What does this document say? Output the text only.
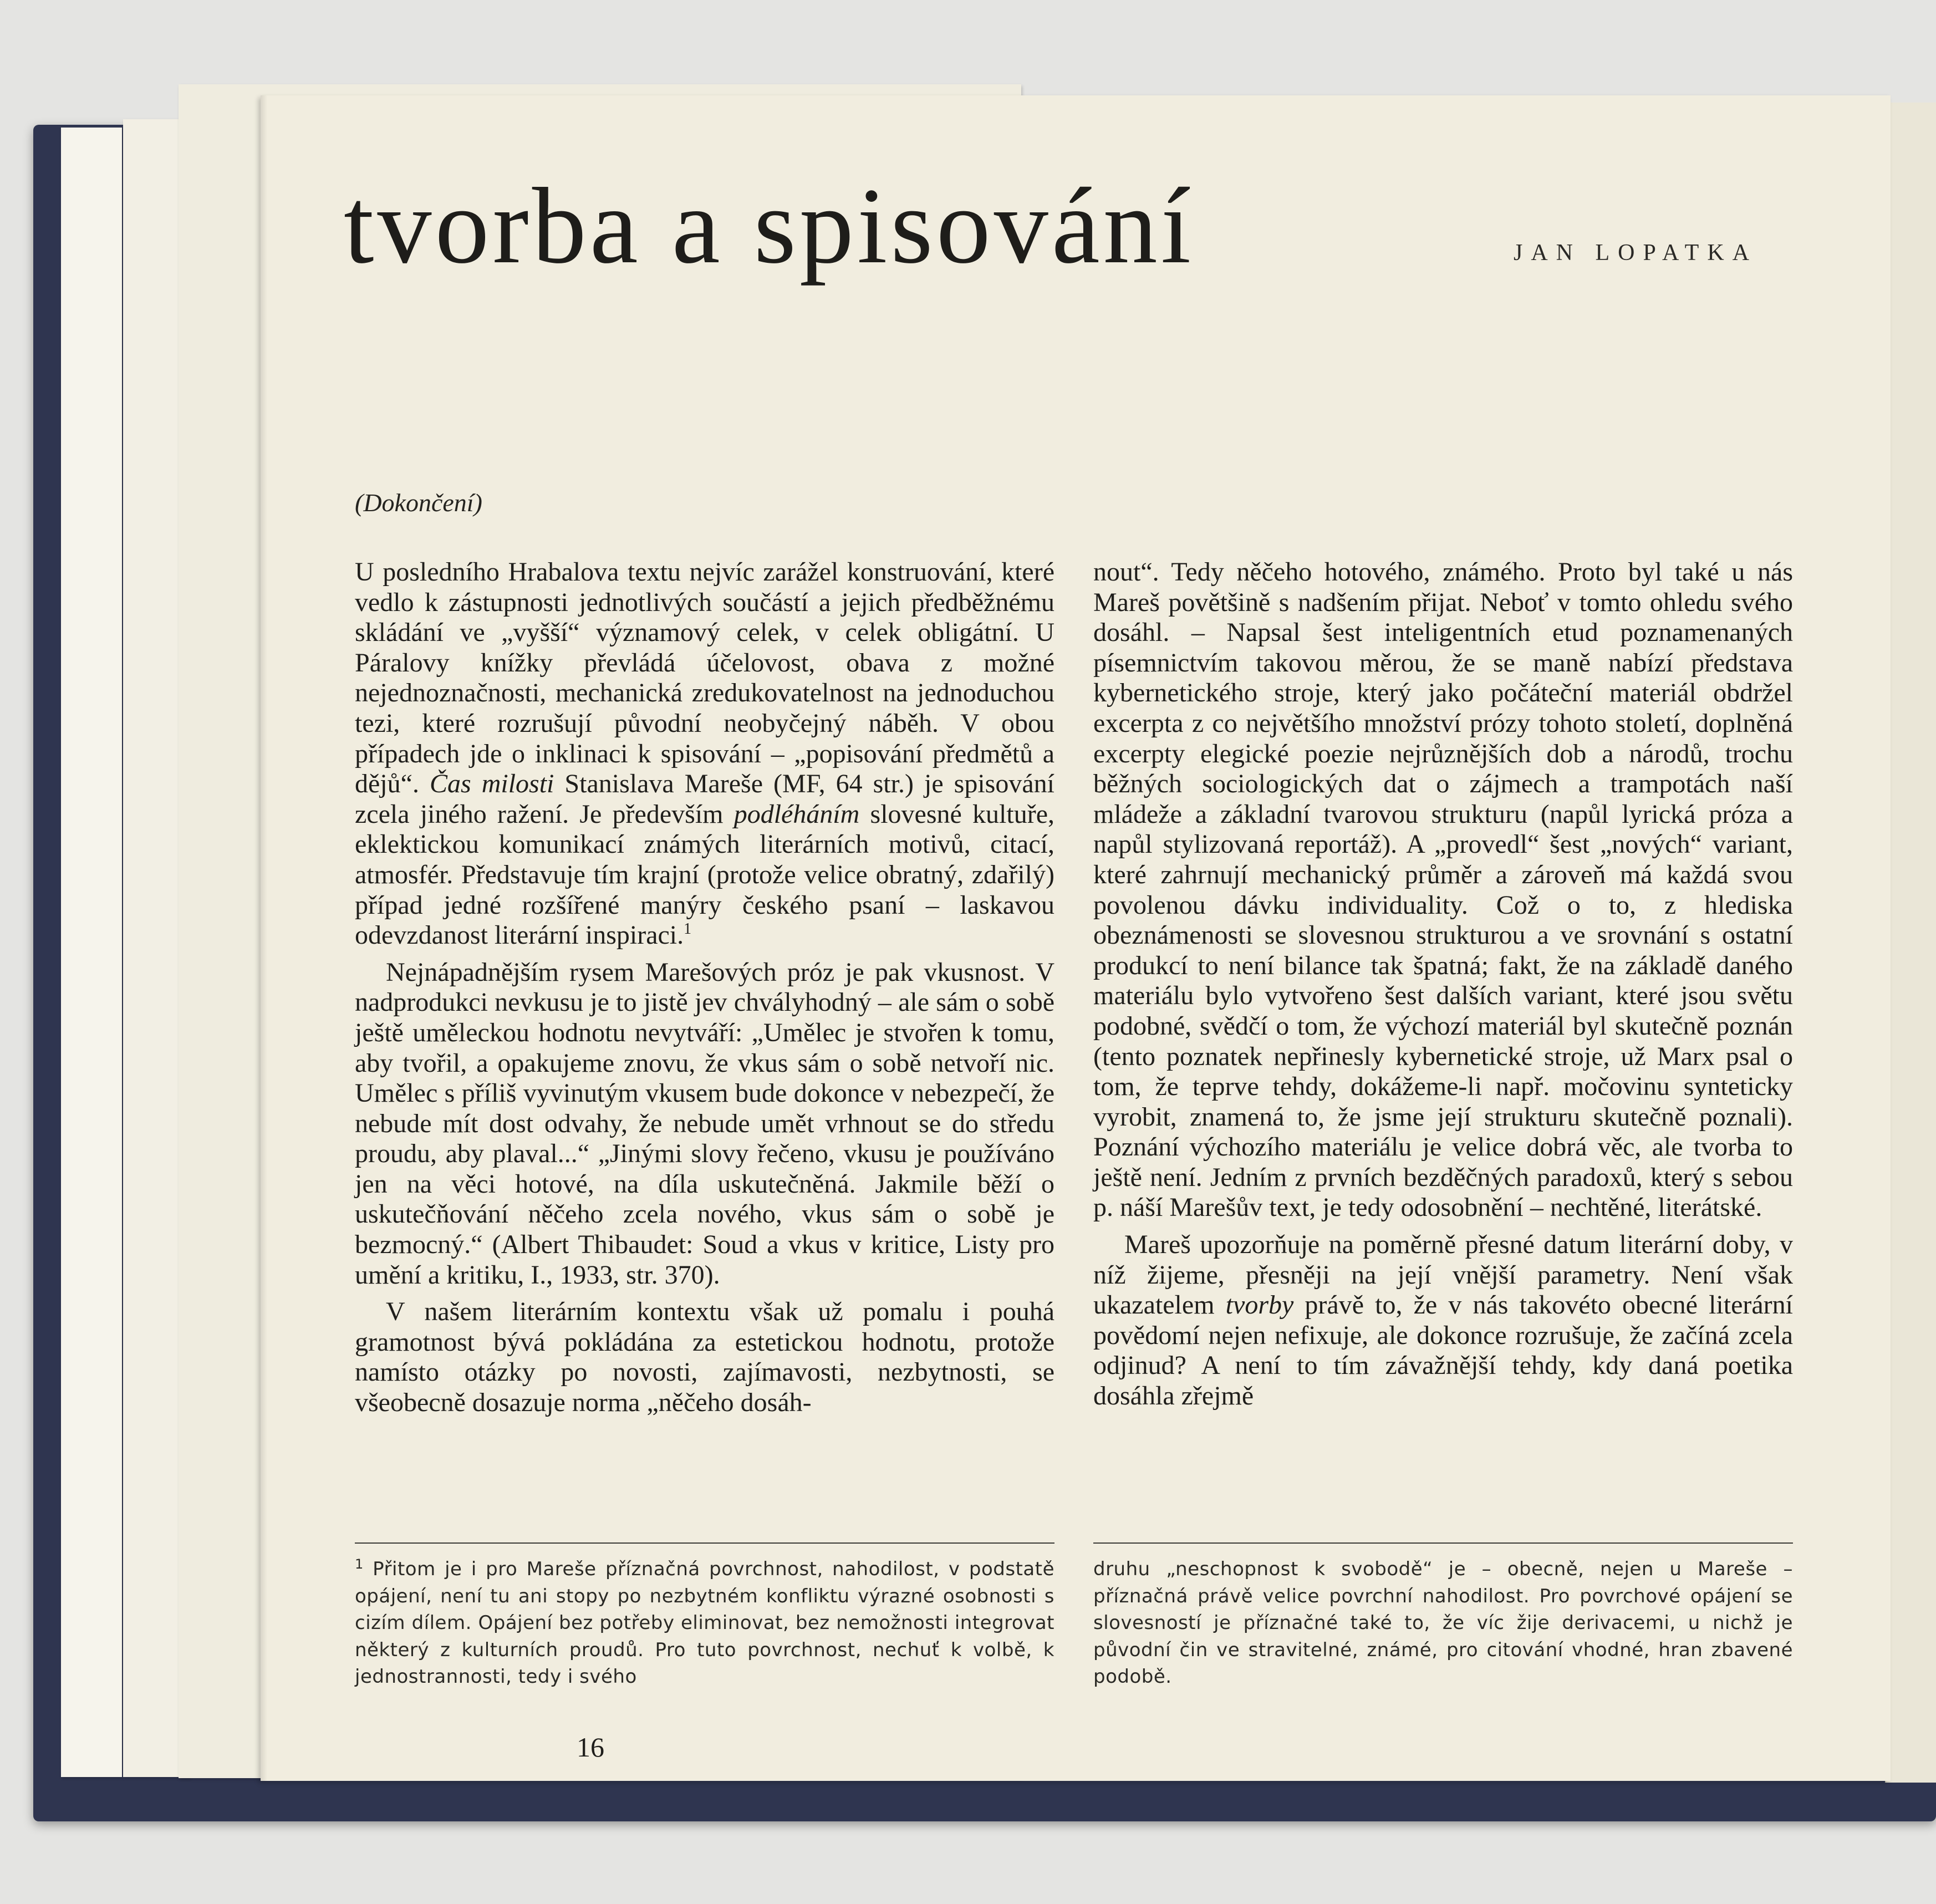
tvorba a spisování	JAN LOPATKA
(Dokončení)

U posledního Hrabalova textu nejvíc zarážel konstruování, které vedlo k zástupnosti jednotlivých součástí a jejich předběžnému skládání ve „vyšší“ významový celek, v celek obligátní. U Páralovy knížky převládá účelovost, obava z možné nejednoznačnosti, mechanická zredukovatelnost na jednoduchou tezi, které rozrušují původní neobyčejný náběh. V obou případech jde o inklinaci k spisování – „popisování předmětů a dějů“. Čas milosti Stanislava Mareše (MF, 64 str.) je spisování zcela jiného ražení. Je především podléháním slovesné kultuře, eklektickou komunikací známých literárních motivů, citací, atmosfér. Představuje tím krajní (protože velice obratný, zdařilý) případ jedné rozšířené manýry českého psaní – laskavou odevzdanost literární inspiraci.$^1$

Nejnápadnějším rysem Marešových próz je pak vkusnost. V nadprodukci nevkusu je to jistě jev chvályhodný – ale sám o sobě ještě uměleckou hodnotu nevytváří: „Umělec je stvořen k tomu, aby tvořil, a opakujeme znovu, že vkus sám o sobě netvoří nic. Umělec s příliš vyvinutým vkusem bude dokonce v nebezpečí, že nebude mít dost odvahy, že nebude umět vrhnout se do středu proudu, aby plaval...“ „Jinými slovy řečeno, vkusu je používáno jen na věci hotové, na díla uskutečněná. Jakmile běží o uskutečňování něčeho zcela nového, vkus sám o sobě je bezmocný.“ (Albert Thibaudet: Soud a vkus v kritice, Listy pro umění a kritiku, I., 1933, str. 370).

V našem literárním kontextu však už pomalu i pouhá gramotnost bývá pokládána za estetickou hodnotu, protože namísto otázky po novosti, zajímavosti, nezbytnosti, se všeobecně dosazuje norma „něčeho dosáh-

nout“. Tedy něčeho hotového, známého. Proto byl také u nás Mareš povětšině s nadšením přijat. Neboť v tomto ohledu svého dosáhl. – Napsal šest inteligentních etud poznamenaných písemnictvím takovou měrou, že se maně nabízí představa kybernetického stroje, který jako počáteční materiál obdržel excerpta z co největšího množství prózy tohoto století, doplněná excerpty elegické poezie nejrůznějších dob a národů, trochu běžných sociologických dat o zájmech a trampotách naší mládeže a základní tvarovou strukturu (napůl lyrická próza a napůl stylizovaná reportáž). A „provedl“ šest „nových“ variant, které zahrnují mechanický průměr a zároveň má každá svou povolenou dávku individuality. Což o to, z hlediska obeznámenosti se slovesnou strukturou a ve srovnání s ostatní produkcí to není bilance tak špatná; fakt, že na základě daného materiálu bylo vytvořeno šest dalších variant, které jsou světu podobné, svědčí o tom, že výchozí materiál byl skutečně poznán (tento poznatek nepřinesly kybernetické stroje, už Marx psal o tom, že teprve tehdy, dokážeme-li např. močovinu synteticky vyrobit, znamená to, že jsme její strukturu skutečně poznali). Poznání výchozího materiálu je velice dobrá věc, ale tvorba to ještě není. Jedním z prvních bezděčných paradoxů, který s sebou p. náší Marešův text, je tedy odosobnění – nechtěné, literátské.

Mareš upozorňuje na poměrně přesné datum literární doby, v níž žijeme, přesněji na její vnější parametry. Není však ukazatelem tvorby právě to, že v nás takovéto obecné literární povědomí nejen nefixuje, ale dokonce rozrušuje, že začíná zcela odjinud? A není to tím závažnější tehdy, kdy daná poetika dosáhla zřejmě

$^1$ Přitom je i pro Mareše příznačná povrchnost, nahodilost, v podstatě opájení, není tu ani stopy po nezbytném konfliktu výrazné osobnosti s cizím dílem. Opájení bez potřeby eliminovat, bez nemožnosti integrovat některý z kulturních proudů. Pro tuto povrchnost, nechuť k volbě, k jednostrannosti, tedy i svého
druhu „neschopnost k svobodě“ je – obecně, nejen u Mareše – příznačná právě velice povrchní nahodilost. Pro povrchové opájení se slovesností je příznačné také to, že víc žije derivacemi, u nichž je původní čin ve stravitelné, známé, pro citování vhodné, hran zbavené podobě.
16
